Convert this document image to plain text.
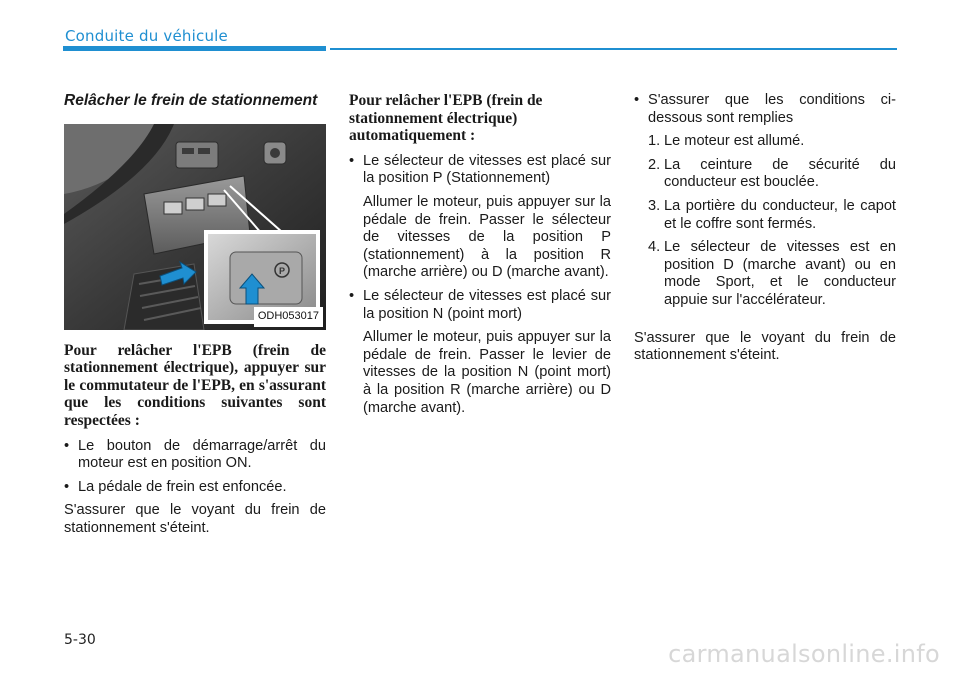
Conduite du véhicule
Relâcher le frein de stationnement
P
ODH053017
Pour relâcher l'EPB (frein de stationnement électrique), appuyer sur le commutateur de l'EPB, en s'assurant que les conditions suivantes sont respectées :
• Le bouton de démarrage/arrêt du moteur est en position ON.
• La pédale de frein est enfoncée.
S'assurer que le voyant du frein de stationnement s'éteint.
Pour relâcher l'EPB (frein de stationnement électrique) automatiquement :
• Le sélecteur de vitesses est placé sur la position P (Stationnement)
Allumer le moteur, puis appuyer sur la pédale de frein. Passer le sélecteur de vitesses de la position P (stationnement) à la position R (marche arrière) ou D (marche avant).
• Le sélecteur de vitesses est placé sur la position N (point mort)
Allumer le moteur, puis appuyer sur la pédale de frein. Passer le levier de vitesses de la position N (point mort) à la position R (marche arrière) ou D (marche avant).
• S'assurer que les conditions ci-dessous sont remplies
1. Le moteur est allumé.
2. La ceinture de sécurité du conducteur est bouclée.
3. La portière du conducteur, le capot et le coffre sont fermés.
4. Le sélecteur de vitesses est en position D (marche avant) ou en mode Sport, et le conducteur appuie sur l'accélérateur.
S'assurer que le voyant du frein de stationnement s'éteint.
5-30	carmanualsonline.info
